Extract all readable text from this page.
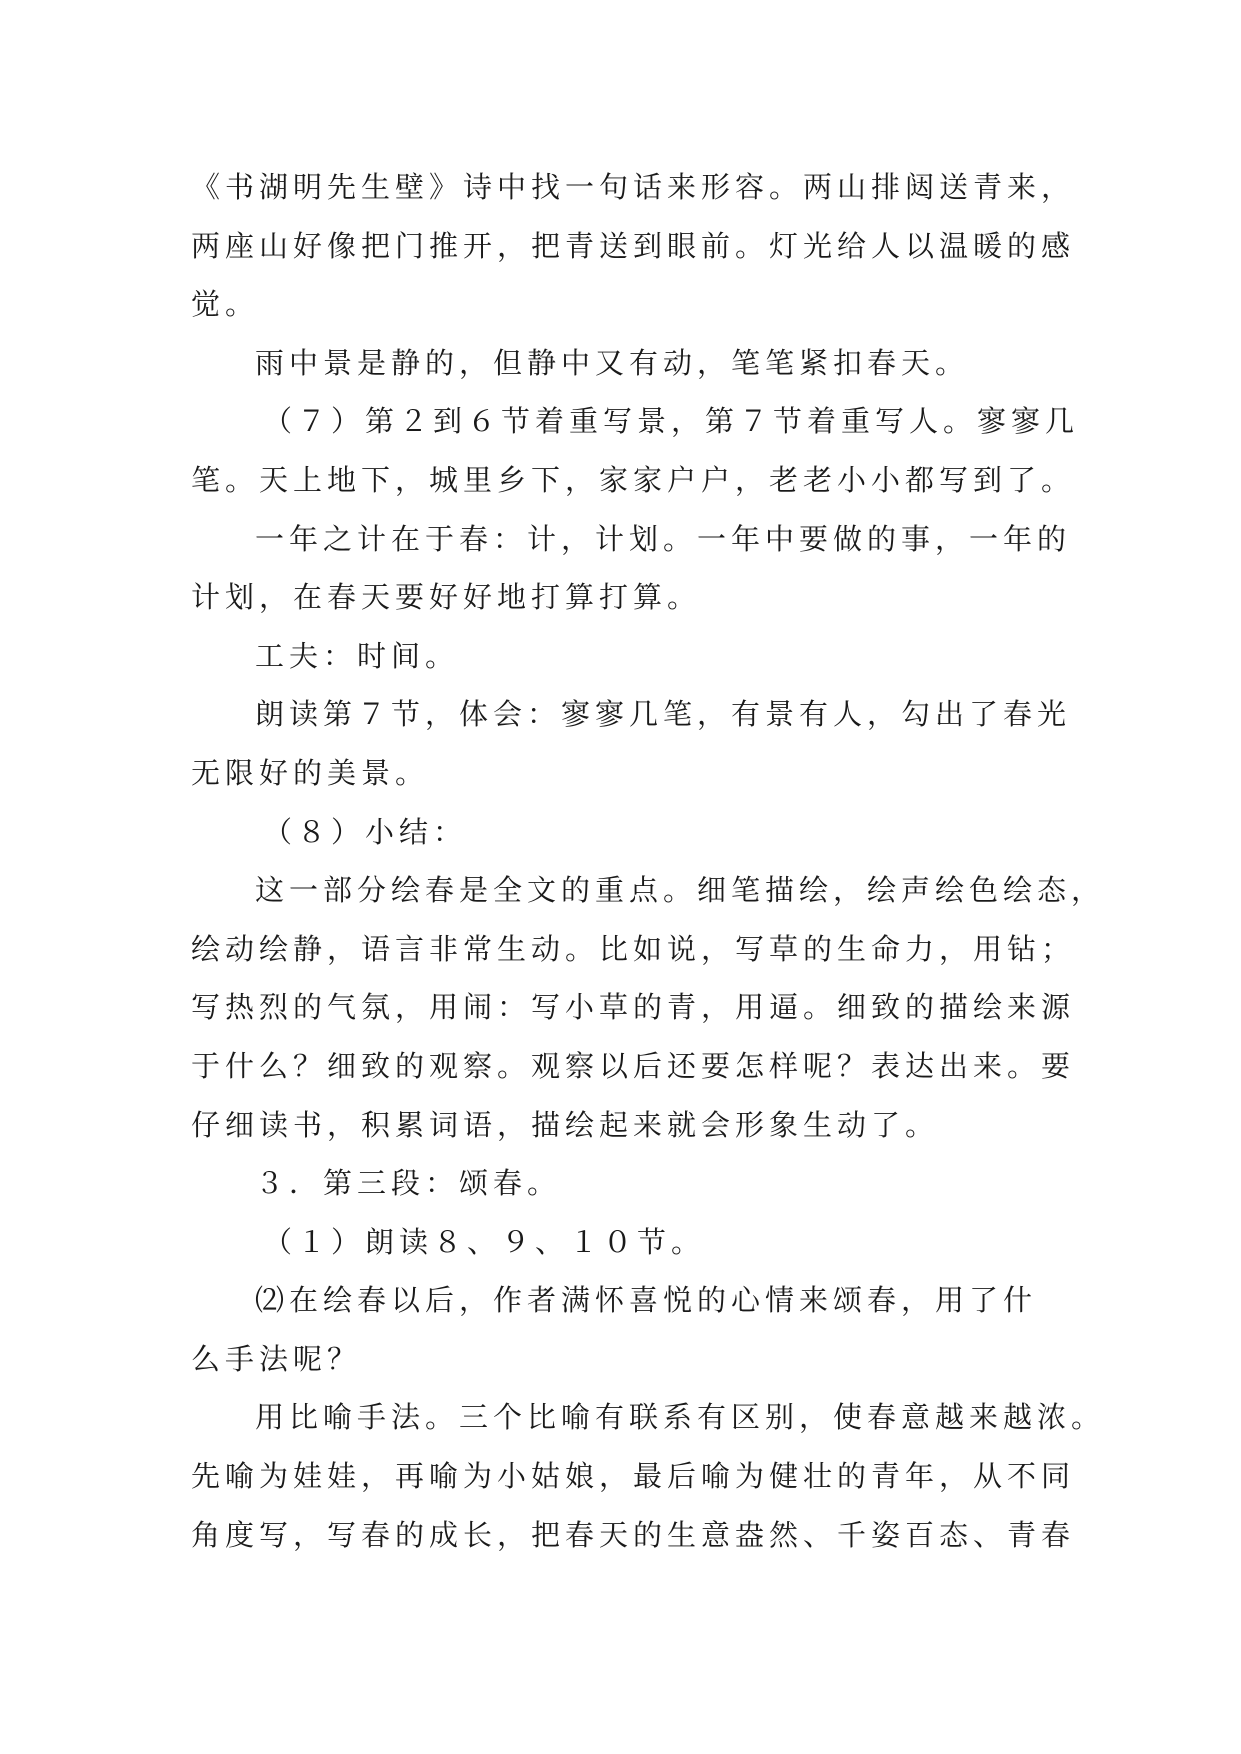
《书湖明先生壁》诗中找一句话来形容。两山排闼送青来，
两座山好像把门推开，把青送到眼前。灯光给人以温暖的感
觉。
雨中景是静的，但静中又有动，笔笔紧扣春天。
（７）第２到６节着重写景，第７节着重写人。寥寥几
笔。天上地下，城里乡下，家家户户，老老小小都写到了。
一年之计在于春：计，计划。一年中要做的事，一年的
计划，在春天要好好地打算打算。
工夫：时间。
朗读第７节，体会：寥寥几笔，有景有人，勾出了春光
无限好的美景。
（８）小结：
这一部分绘春是全文的重点。细笔描绘，绘声绘色绘态，
绘动绘静，语言非常生动。比如说，写草的生命力，用钻；
写热烈的气氛，用闹：写小草的青，用逼。细致的描绘来源
于什么？细致的观察。观察以后还要怎样呢？表达出来。要
仔细读书，积累词语，描绘起来就会形象生动了。
３．第三段：颂春。
（１）朗读８、９、１０节。
⑵在绘春以后，作者满怀喜悦的心情来颂春，用了什
么手法呢？
用比喻手法。三个比喻有联系有区别，使春意越来越浓。
先喻为娃娃，再喻为小姑娘，最后喻为健壮的青年，从不同
角度写，写春的成长，把春天的生意盎然、千姿百态、青春
